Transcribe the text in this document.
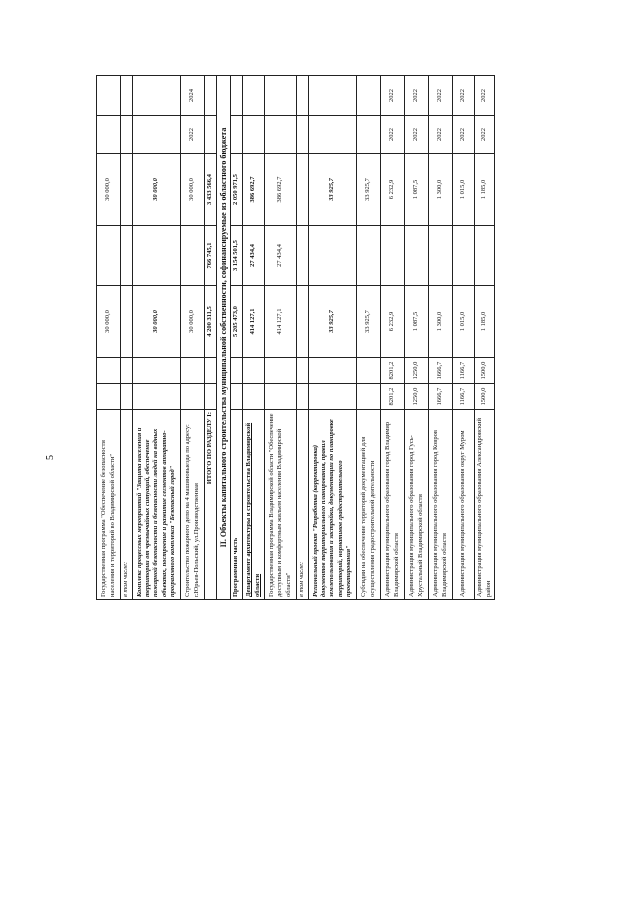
5	Государственная программа "Обеспечение безопасности населения и территорий во Владимирской области"			30 000,0		30 000,0		
в том числе:							
Комплекс процессных мероприятий "Защита населения и территории от чрезвычайных ситуаций, обеспечение пожарной безопасности и безопасности людей на водных объектах, построение и развитие сегментов аппаратно-программного комплекса "Безопасный город"			30 000,0		30 000,0		
Строительство пожарного депо на 4 машиновыезда по адресу: г.Юрьев-Польский, ул.Производственная			30 000,0		30 000,0	2022	2024
ИТОГО ПО РАЗДЕЛУ I:			4 200 311,5	766 745,1	3 433 566,4		
II. Объекты капитального строительства муниципальной собственности, софинансируемые из областного бюджета							
Программная часть			5 205 473,0	3 154 501,5	2 050 971,5		
Департамент архитектуры и строительства Владимирской области			414 127,1	27 434,4	386 692,7		
Государственная программа Владимирской области "Обеспечение доступным и комфортным жильем населения Владимирской области"			414 127,1	27 434,4	386 692,7		
в том числе:							
Региональный проект "Разработка (корректировка) документов территориального планирования, правил землепользования и застройки, документации по планировке территорий, нормативов градостроительного проектирования"			33 925,7		33 925,7		
Субсидии на обеспечение территорий документацией для осуществления градостроительной деятельности			33 925,7		33 925,7		
Администрация муниципального образования город Владимир Владимирской области	8201,2	8201,2	6 232,9		6 232,9	2022	2022
Администрация муниципального образования город Гусь-Хрустальный Владимирской области	1250,0	1250,0	1 087,5		1 087,5	2022	2022
Администрация муниципального образования город Ковров Владимирской области	1666,7	1666,7	1 300,0		1 300,0	2022	2022
Администрация муниципального образования округ Муром	1166,7	1166,7	1 015,0		1 015,0	2022	2022
Администрация муниципального образования Александровский район	1500,0	1500,0	1 185,0		1 185,0	2022	2022
